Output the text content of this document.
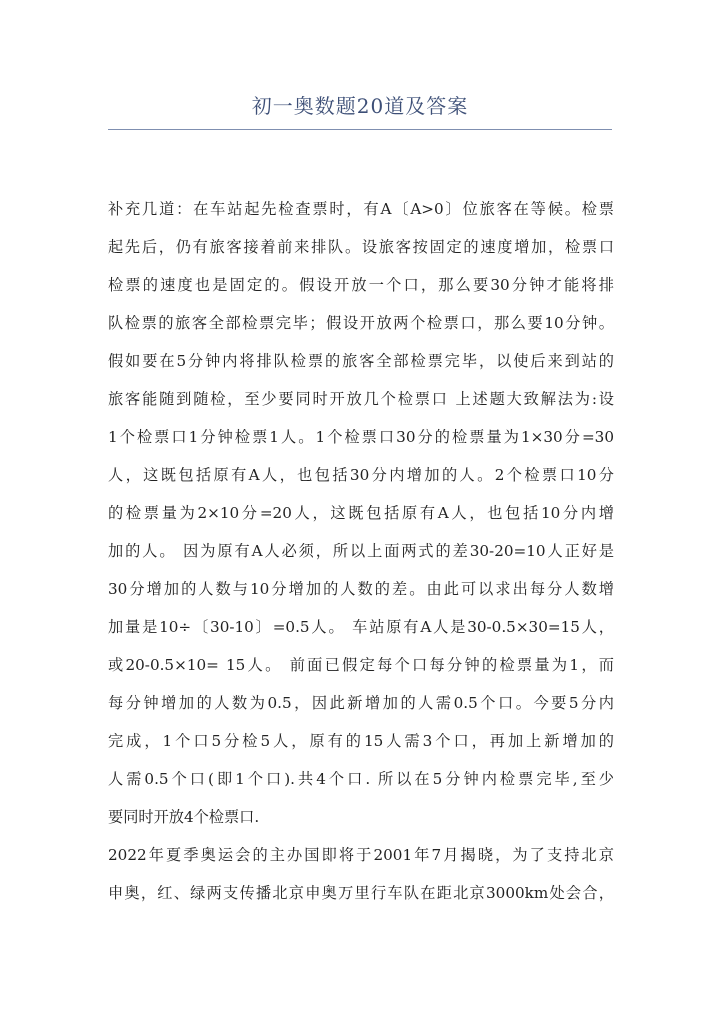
初一奥数题20道及答案
补充几道：在车站起先检查票时，有A〔A>0〕位旅客在等候。检票
起先后，仍有旅客接着前来排队。设旅客按固定的速度增加，检票口
检票的速度也是固定的。假设开放一个口，那么要30分钟才能将排
队检票的旅客全部检票完毕；假设开放两个检票口，那么要10分钟。
假如要在5分钟内将排队检票的旅客全部检票完毕，以使后来到站的
旅客能随到随检，至少要同时开放几个检票口 上述题大致解法为:设
1个检票口1分钟检票1人。1个检票口30分的检票量为1×30分=30
人，这既包括原有A人，也包括30分内增加的人。2个检票口10分
的检票量为2×10分=20人，这既包括原有A人，也包括10分内增
加的人。 因为原有A人必须，所以上面两式的差30-20=10人正好是
30分增加的人数与10分增加的人数的差。由此可以求出每分人数增
加量是10÷〔30-10〕=0.5人。 车站原有A人是30-0.5×30=15人，
或20-0.5×10= 15人。 前面已假定每个口每分钟的检票量为1，而
每分钟增加的人数为0.5，因此新增加的人需0.5个口。今要5分内
完成，1个口5分检5人，原有的15人需3个口，再加上新增加的
人需0.5个口(即1个口).共4个口. 所以在5分钟内检票完毕,至少
要同时开放4个检票口.
2022年夏季奥运会的主办国即将于2001年7月揭晓，为了支持北京
申奥，红、绿两支传播北京申奥万里行车队在距北京3000km处会合，
